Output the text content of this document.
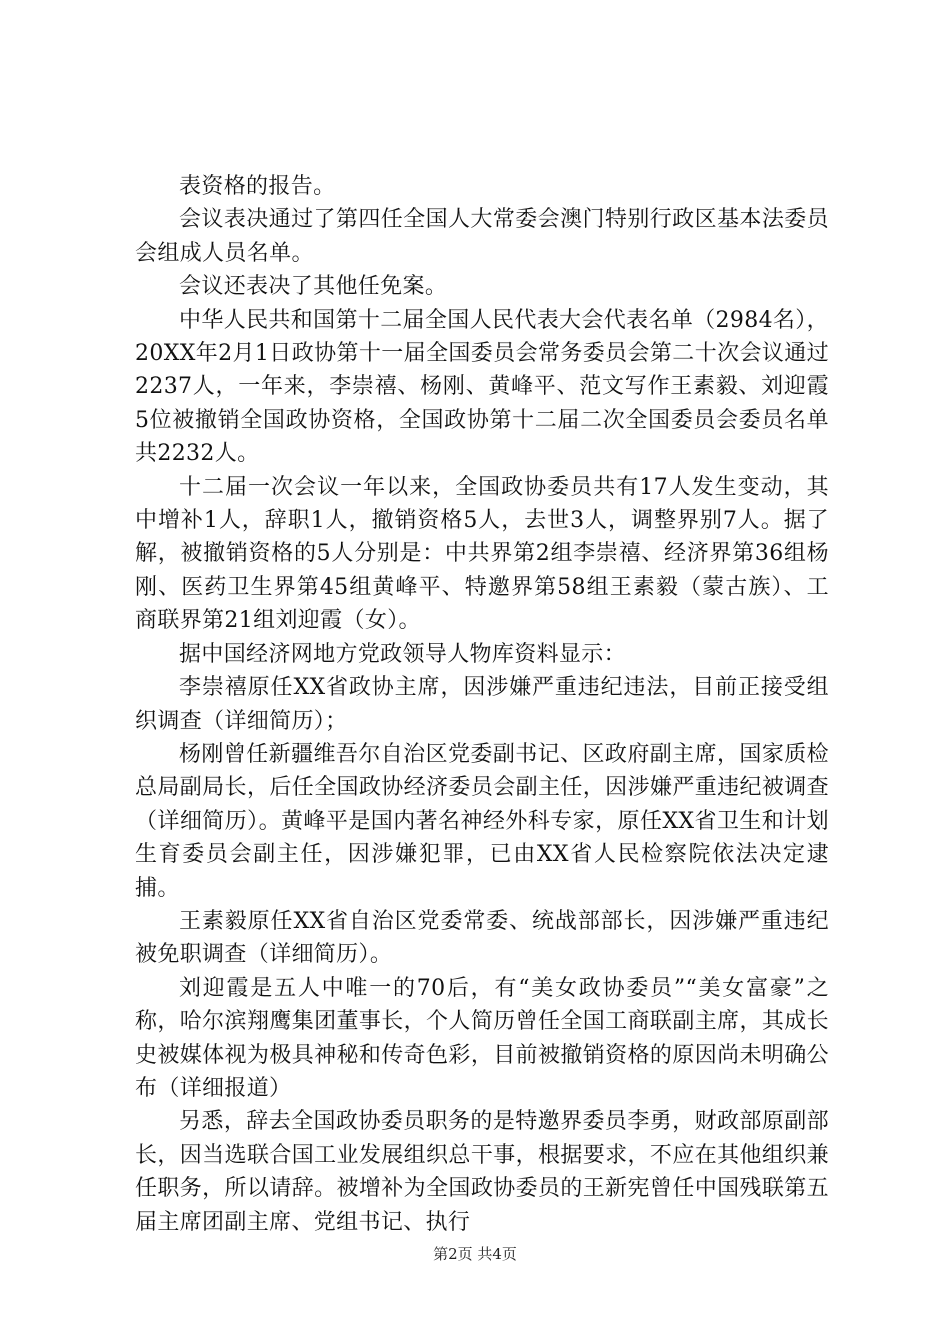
表资格的报告。

会议表决通过了第四任全国人大常委会澳门特别行政区基本法委员会组成人员名单。

会议还表决了其他任免案。

中华人民共和国第十二届全国人民代表大会代表名单（2984名），20XX年2月1日政协第十一届全国委员会常务委员会第二十次会议通过2237人，一年来，李崇禧、杨刚、黄峰平、范文写作王素毅、刘迎霞5位被撤销全国政协资格，全国政协第十二届二次全国委员会委员名单共2232人。

十二届一次会议一年以来，全国政协委员共有17人发生变动，其中增补1人，辞职1人，撤销资格5人，去世3人，调整界别7人。据了解，被撤销资格的5人分别是：中共界第2组李崇禧、经济界第36组杨刚、医药卫生界第45组黄峰平、特邀界第58组王素毅（蒙古族）、工商联界第21组刘迎霞（女）。

据中国经济网地方党政领导人物库资料显示：

李崇禧原任XX省政协主席，因涉嫌严重违纪违法，目前正接受组织调查（详细简历）；

杨刚曾任新疆维吾尔自治区党委副书记、区政府副主席，国家质检总局副局长，后任全国政协经济委员会副主任，因涉嫌严重违纪被调查（详细简历）。黄峰平是国内著名神经外科专家，原任XX省卫生和计划生育委员会副主任，因涉嫌犯罪，已由XX省人民检察院依法决定逮捕。

王素毅原任XX省自治区党委常委、统战部部长，因涉嫌严重违纪被免职调查（详细简历）。

刘迎霞是五人中唯一的70后，有“美女政协委员”“美女富豪”之称，哈尔滨翔鹰集团董事长，个人简历曾任全国工商联副主席，其成长史被媒体视为极具神秘和传奇色彩，目前被撤销资格的原因尚未明确公布（详细报道）

另悉，辞去全国政协委员职务的是特邀界委员李勇，财政部原副部长，因当选联合国工业发展组织总干事，根据要求，不应在其他组织兼任职务，所以请辞。被增补为全国政协委员的王新宪曾任中国残联第五届主席团副主席、党组书记、执行

第2页 共4页
